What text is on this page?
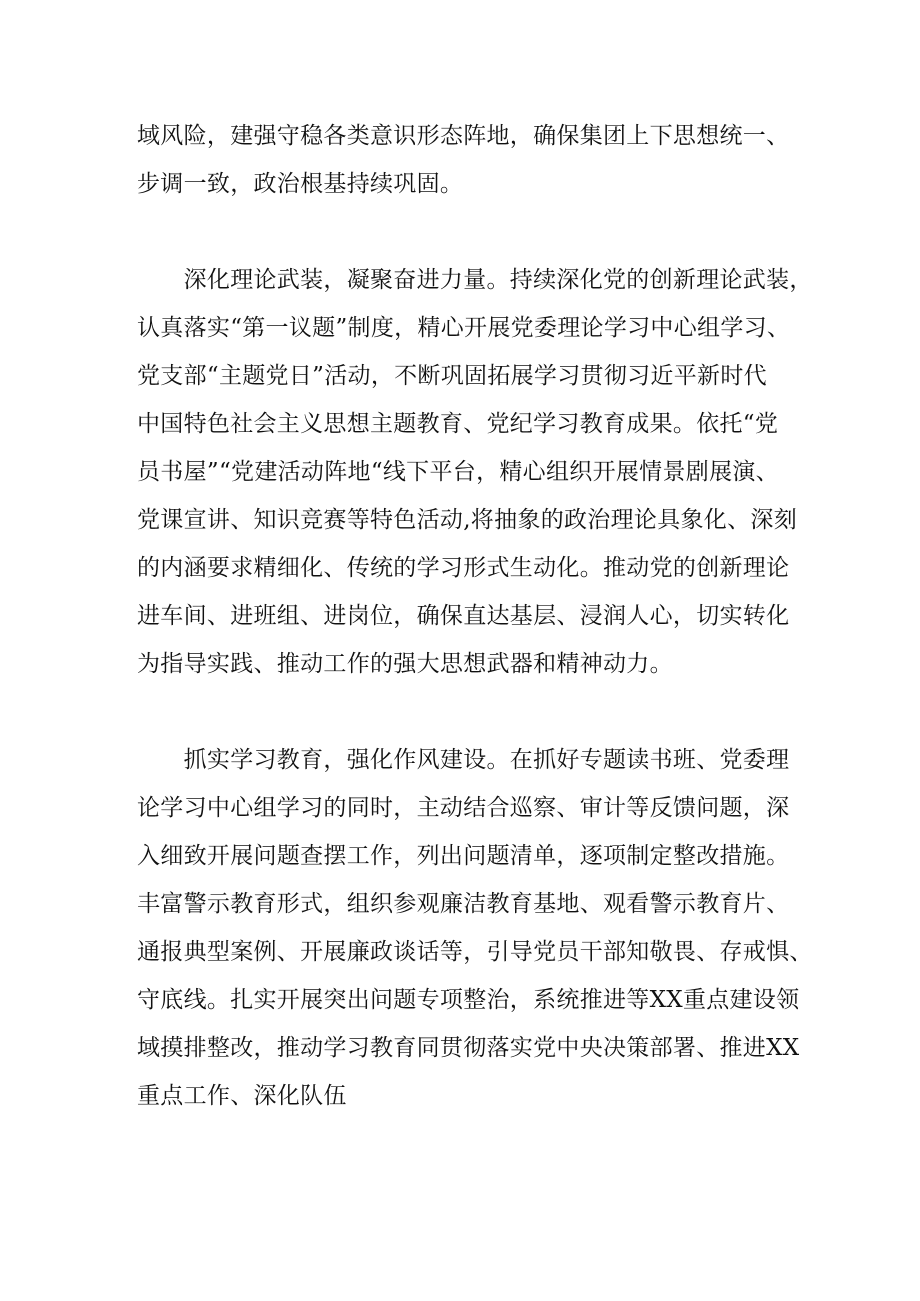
域风险，建强守稳各类意识形态阵地，确保集团上下思想统一、
步调一致，政治根基持续巩固。
　　深化理论武装，凝聚奋进力量。持续深化党的创新理论武装，
认真落实“第一议题”制度，精心开展党委理论学习中心组学习、
党支部“主题党日”活动，不断巩固拓展学习贯彻习近平新时代
中国特色社会主义思想主题教育、党纪学习教育成果。依托“党
员书屋”“党建活动阵地“线下平台，精心组织开展情景剧展演、
党课宣讲、知识竞赛等特色活动,将抽象的政治理论具象化、深刻
的内涵要求精细化、传统的学习形式生动化。推动党的创新理论
进车间、进班组、进岗位，确保直达基层、浸润人心，切实转化
为指导实践、推动工作的强大思想武器和精神动力。
　　抓实学习教育，强化作风建设。在抓好专题读书班、党委理
论学习中心组学习的同时，主动结合巡察、审计等反馈问题，深
入细致开展问题查摆工作，列出问题清单，逐项制定整改措施。
丰富警示教育形式，组织参观廉洁教育基地、观看警示教育片、
通报典型案例、开展廉政谈话等，引导党员干部知敬畏、存戒惧、
守底线。扎实开展突出问题专项整治，系统推进等XX重点建设领
域摸排整改，推动学习教育同贯彻落实党中央决策部署、推进XX
重点工作、深化队伍
